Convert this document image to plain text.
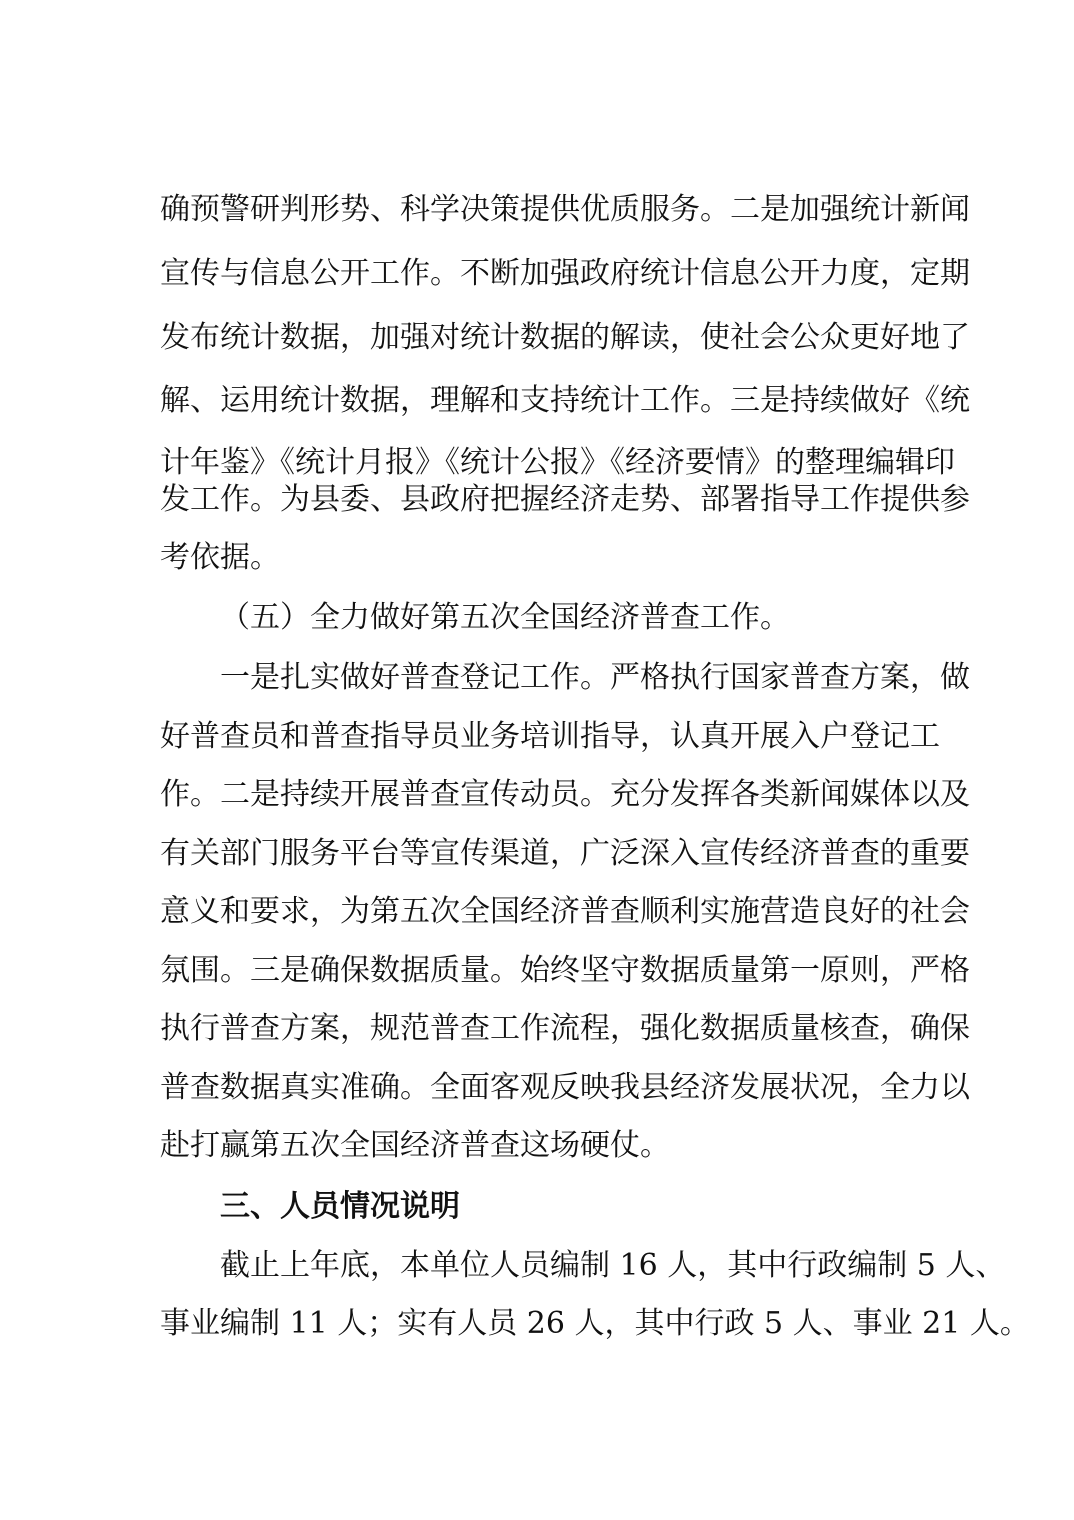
确预警研判形势、科学决策提供优质服务。二是加强统计新闻
宣传与信息公开工作。不断加强政府统计信息公开力度，定期
发布统计数据，加强对统计数据的解读，使社会公众更好地了
解、运用统计数据，理解和支持统计工作。三是持续做好《统
计年鉴》《统计月报》《统计公报》《经济要情》的整理编辑印
发工作。为县委、县政府把握经济走势、部署指导工作提供参
考依据。
（五）全力做好第五次全国经济普查工作。
一是扎实做好普查登记工作。严格执行国家普查方案，做
好普查员和普查指导员业务培训指导，认真开展入户登记工
作。二是持续开展普查宣传动员。充分发挥各类新闻媒体以及
有关部门服务平台等宣传渠道，广泛深入宣传经济普查的重要
意义和要求，为第五次全国经济普查顺利实施营造良好的社会
氛围。三是确保数据质量。始终坚守数据质量第一原则，严格
执行普查方案，规范普查工作流程，强化数据质量核查，确保
普查数据真实准确。全面客观反映我县经济发展状况，全力以
赴打赢第五次全国经济普查这场硬仗。
三、人员情况说明
截止上年底，本单位人员编制 16 人，其中行政编制 5 人、
事业编制 11 人；实有人员 26 人，其中行政 5 人、事业 21 人。
